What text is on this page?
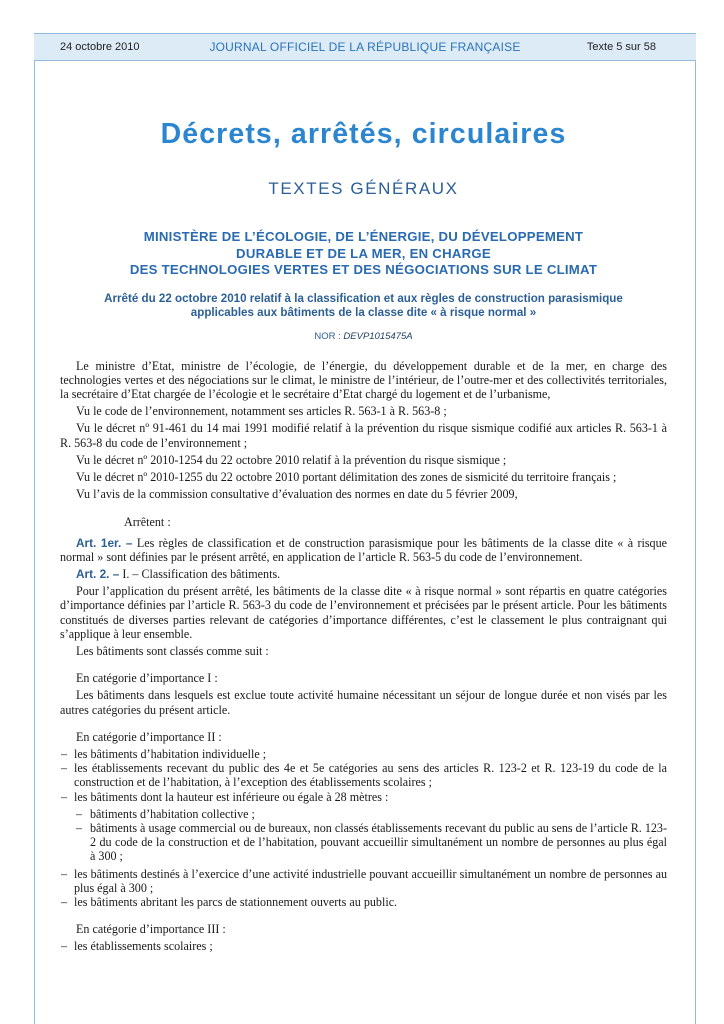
24 octobre 2010	JOURNAL OFFICIEL DE LA RÉPUBLIQUE FRANÇAISE	Texte 5 sur 58
Décrets, arrêtés, circulaires
TEXTES GÉNÉRAUX
MINISTÈRE DE L’ÉCOLOGIE, DE L’ÉNERGIE, DU DÉVELOPPEMENT
DURABLE ET DE LA MER, EN CHARGE
DES TECHNOLOGIES VERTES ET DES NÉGOCIATIONS SUR LE CLIMAT
Arrêté du 22 octobre 2010 relatif à la classification et aux règles de construction parasismique
applicables aux bâtiments de la classe dite « à risque normal »
NOR : DEVP1015475A

Le ministre d’Etat, ministre de l’écologie, de l’énergie, du développement durable et de la mer, en charge des technologies vertes et des négociations sur le climat, le ministre de l’intérieur, de l’outre-mer et des collectivités territoriales, la secrétaire d’Etat chargée de l’écologie et le secrétaire d’Etat chargé du logement et de l’urbanisme,

Vu le code de l’environnement, notamment ses articles R. 563-1 à R. 563-8 ;

Vu le décret nº 91-461 du 14 mai 1991 modifié relatif à la prévention du risque sismique codifié aux articles R. 563-1 à R. 563-8 du code de l’environnement ;

Vu le décret nº 2010-1254 du 22 octobre 2010 relatif à la prévention du risque sismique ;

Vu le décret nº 2010-1255 du 22 octobre 2010 portant délimitation des zones de sismicité du territoire français ;

Vu l’avis de la commission consultative d’évaluation des normes en date du 5 février 2009,

Arrêtent :

Art. 1er. – Les règles de classification et de construction parasismique pour les bâtiments de la classe dite « à risque normal » sont définies par le présent arrêté, en application de l’article R. 563-5 du code de l’environnement.

Art. 2. – I. – Classification des bâtiments.

Pour l’application du présent arrêté, les bâtiments de la classe dite « à risque normal » sont répartis en quatre catégories d’importance définies par l’article R. 563-3 du code de l’environnement et précisées par le présent article. Pour les bâtiments constitués de diverses parties relevant de catégories d’importance différentes, c’est le classement le plus contraignant qui s’applique à leur ensemble.

Les bâtiments sont classés comme suit :

En catégorie d’importance I :

Les bâtiments dans lesquels est exclue toute activité humaine nécessitant un séjour de longue durée et non visés par les autres catégories du présent article.

En catégorie d’importance II :

– les bâtiments d’habitation individuelle ;
– les établissements recevant du public des 4e et 5e catégories au sens des articles R. 123-2 et R. 123-19 du code de la construction et de l’habitation, à l’exception des établissements scolaires ;
– les bâtiments dont la hauteur est inférieure ou égale à 28 mètres :
– bâtiments d’habitation collective ;
– bâtiments à usage commercial ou de bureaux, non classés établissements recevant du public au sens de l’article R. 123-2 du code de la construction et de l’habitation, pouvant accueillir simultanément un nombre de personnes au plus égal à 300 ;
– les bâtiments destinés à l’exercice d’une activité industrielle pouvant accueillir simultanément un nombre de personnes au plus égal à 300 ;
– les bâtiments abritant les parcs de stationnement ouverts au public.

En catégorie d’importance III :

– les établissements scolaires ;
